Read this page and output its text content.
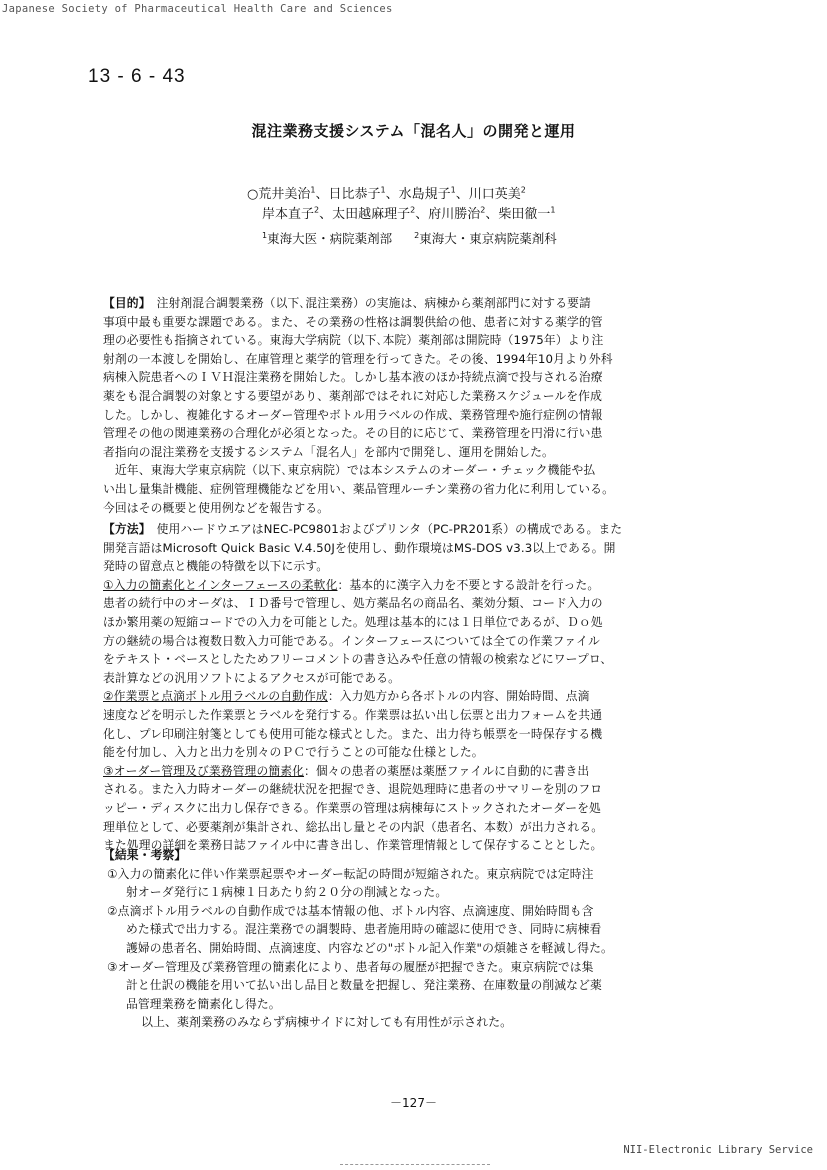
Japanese Society of Pharmaceutical Health Care and Sciences
13 - 6 - 43
混注業務支援システム「混名人」の開発と運用
○荒井美治$^1$、日比恭子$^1$、水島規子$^1$、川口英美$^2$
岸本直子$^2$、太田越麻理子$^2$、府川勝治$^2$、柴田徹一$^1$
$^1$東海大医・病院薬剤部	$^2$東海大・東京病院薬剤科

【目的】　 注射剤混合調製業務（以下､混注業務）の実施は、病棟から薬剤部門に対する要請

事項中最も重要な課題である。また、その業務の性格は調製供給の他、患者に対する薬学的管

理の必要性も指摘されている。東海大学病院（以下､本院）薬剤部は開院時（1975年）より注

射剤の一本渡しを開始し、在庫管理と薬学的管理を行ってきた。その後、1994年10月より外科

病棟入院患者へのＩＶＨ混注業務を開始した。しかし基本液のほか持続点滴で投与される治療

薬をも混合調製の対象とする要望があり、薬剤部ではそれに対応した業務スケジュールを作成

した。しかし、複雑化するオーダー管理やボトル用ラベルの作成、業務管理や施行症例の情報

管理その他の関連業務の合理化が必須となった。その目的に応じて、業務管理を円滑に行い患

者指向の混注業務を支援するシステム「混名人」を部内で開発し、運用を開始した。

　近年、東海大学東京病院（以下､東京病院）では本システムのオーダー・チェック機能や払

い出し量集計機能、症例管理機能などを用い、薬品管理ルーチン業務の省力化に利用している。

今回はその概要と使用例などを報告する。

【方法】　 使用ハードウエアはNEC-PC9801およびプリンタ（PC-PR201系）の構成である。また

開発言語はMicrosoft Quick Basic V.4.50Jを使用し、動作環境はMS-DOS v3.3以上である。開

発時の留意点と機能の特徴を以下に示す。

①入力の簡素化とインターフェースの柔軟化：基本的に漢字入力を不要とする設計を行った。

患者の続行中のオーダは、ＩＤ番号で管理し、処方薬品名の商品名、薬効分類、コード入力の

ほか繁用薬の短縮コードでの入力を可能とした。処理は基本的には１日単位であるが、Ｄｏ処

方の継続の場合は複数日数入力可能である。インターフェースについては全ての作業ファイル

をテキスト・ベースとしたためフリーコメントの書き込みや任意の情報の検索などにワープロ、

表計算などの汎用ソフトによるアクセスが可能である。

②作業票と点滴ボトル用ラベルの自動作成：入力処方から各ボトルの内容、開始時間、点滴

速度などを明示した作業票とラベルを発行する。作業票は払い出し伝票と出力フォームを共通

化し、プレ印刷注射箋としても使用可能な様式とした。また、出力待ち帳票を一時保存する機

能を付加し、入力と出力を別々のＰＣで行うことの可能な仕様とした。

③オーダー管理及び業務管理の簡素化：個々の患者の薬歴は薬歴ファイルに自動的に書き出

される。また入力時オーダーの継続状況を把握でき、退院処理時に患者のサマリーを別のフロ

ッピー・ディスクに出力し保存できる。作業票の管理は病棟毎にストックされたオーダーを処

理単位として、必要薬剤が集計され、総払出し量とその内訳（患者名、本数）が出力される。

また処理の詳細を業務日誌ファイル中に書き出し、作業管理情報として保存することとした。

【結果・考察】

①入力の簡素化に伴い作業票起票やオーダー転記の時間が短縮された。東京病院では定時注

射オーダ発行に１病棟１日あたり約２０分の削減となった。

②点滴ボトル用ラベルの自動作成では基本情報の他、ボトル内容、点滴速度、開始時間も含

めた様式で出力する。混注業務での調製時、患者施用時の確認に使用でき、同時に病棟看

護婦の患者名、開始時間、点滴速度、内容などの"ボトル記入作業"の煩雑さを軽減し得た。

③オーダー管理及び業務管理の簡素化により、患者毎の履歴が把握できた。東京病院では集

計と仕訳の機能を用いて払い出し品目と数量を把握し、発注業務、在庫数量の削減など薬

品管理業務を簡素化し得た。

以上、薬剤業務のみならず病棟サイドに対しても有用性が示された。
－127－
NII-Electronic Library Service
